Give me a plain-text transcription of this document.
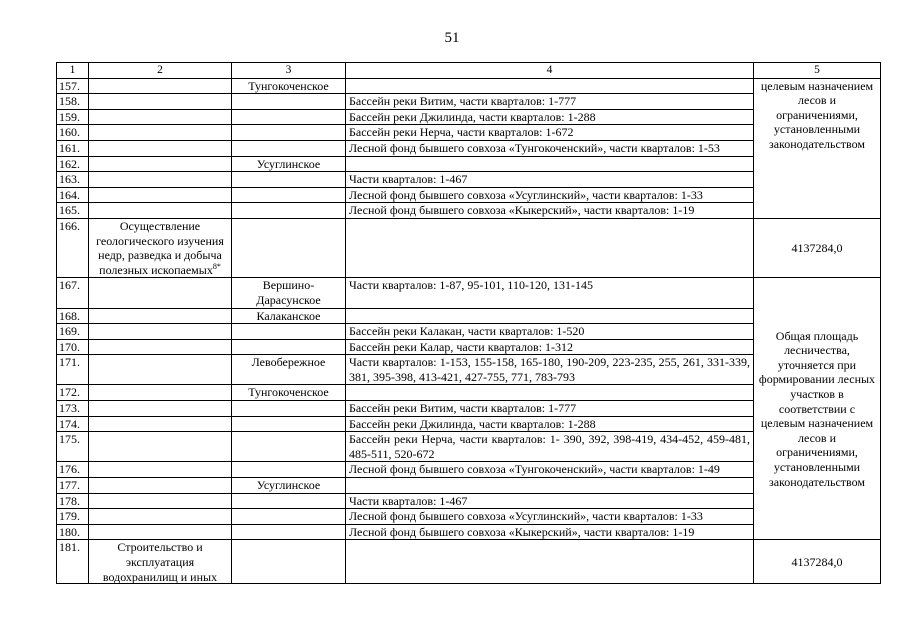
51
1	2	3	4	5
157.		Тунгокоченское		целевым назначением лесов и ограничениями, установленными законодательством
158.			Бассейн реки Витим, части кварталов: 1-777	
159.			Бассейн реки Джилинда, части кварталов: 1-288	
160.			Бассейн реки Нерча, части кварталов: 1-672	
161.			Лесной фонд бывшего совхоза «Тунгокоченский», части кварталов: 1-53	
162.		Усуглинское		
163.			Части кварталов: 1-467	
164.			Лесной фонд бывшего совхоза «Усуглинский», части кварталов: 1-33	
165.			Лесной фонд бывшего совхоза «Кыкерский», части кварталов: 1-19	
166.	Осуществление геологического изучения недр, разведка и добыча полезных ископаемых$^{8*}$			4137284,0
167.		Вершино-Дарасунское	Части кварталов: 1-87, 95-101, 110-120, 131-145	Общая площадь лесничества, уточняется при формировании лесных участков в соответствии с целевым назначением лесов и ограничениями, установленными законодательством
168.		Калаканское		
169.			Бассейн реки Калакан, части кварталов: 1-520	
170.			Бассейн реки Калар, части кварталов: 1-312	
171.		Левобережное	Части кварталов: 1-153, 155-158, 165-180, 190-209, 223-235, 255, 261, 331-339, 381, 395-398, 413-421, 427-755, 771, 783-793	
172.		Тунгокоченское		
173.			Бассейн реки Витим, части кварталов: 1-777	
174.			Бассейн реки Джилинда, части кварталов: 1-288	
175.			Бассейн реки Нерча, части кварталов: 1- 390, 392, 398-419, 434-452, 459-481, 485-511, 520-672	
176.			Лесной фонд бывшего совхоза «Тунгокоченский», части кварталов: 1-49	
177.		Усуглинское		
178.			Части кварталов: 1-467	
179.			Лесной фонд бывшего совхоза «Усуглинский», части кварталов: 1-33	
180.			Лесной фонд бывшего совхоза «Кыкерский», части кварталов: 1-19	
181.	Строительство и эксплуатация водохранилищ и иных			4137284,0
